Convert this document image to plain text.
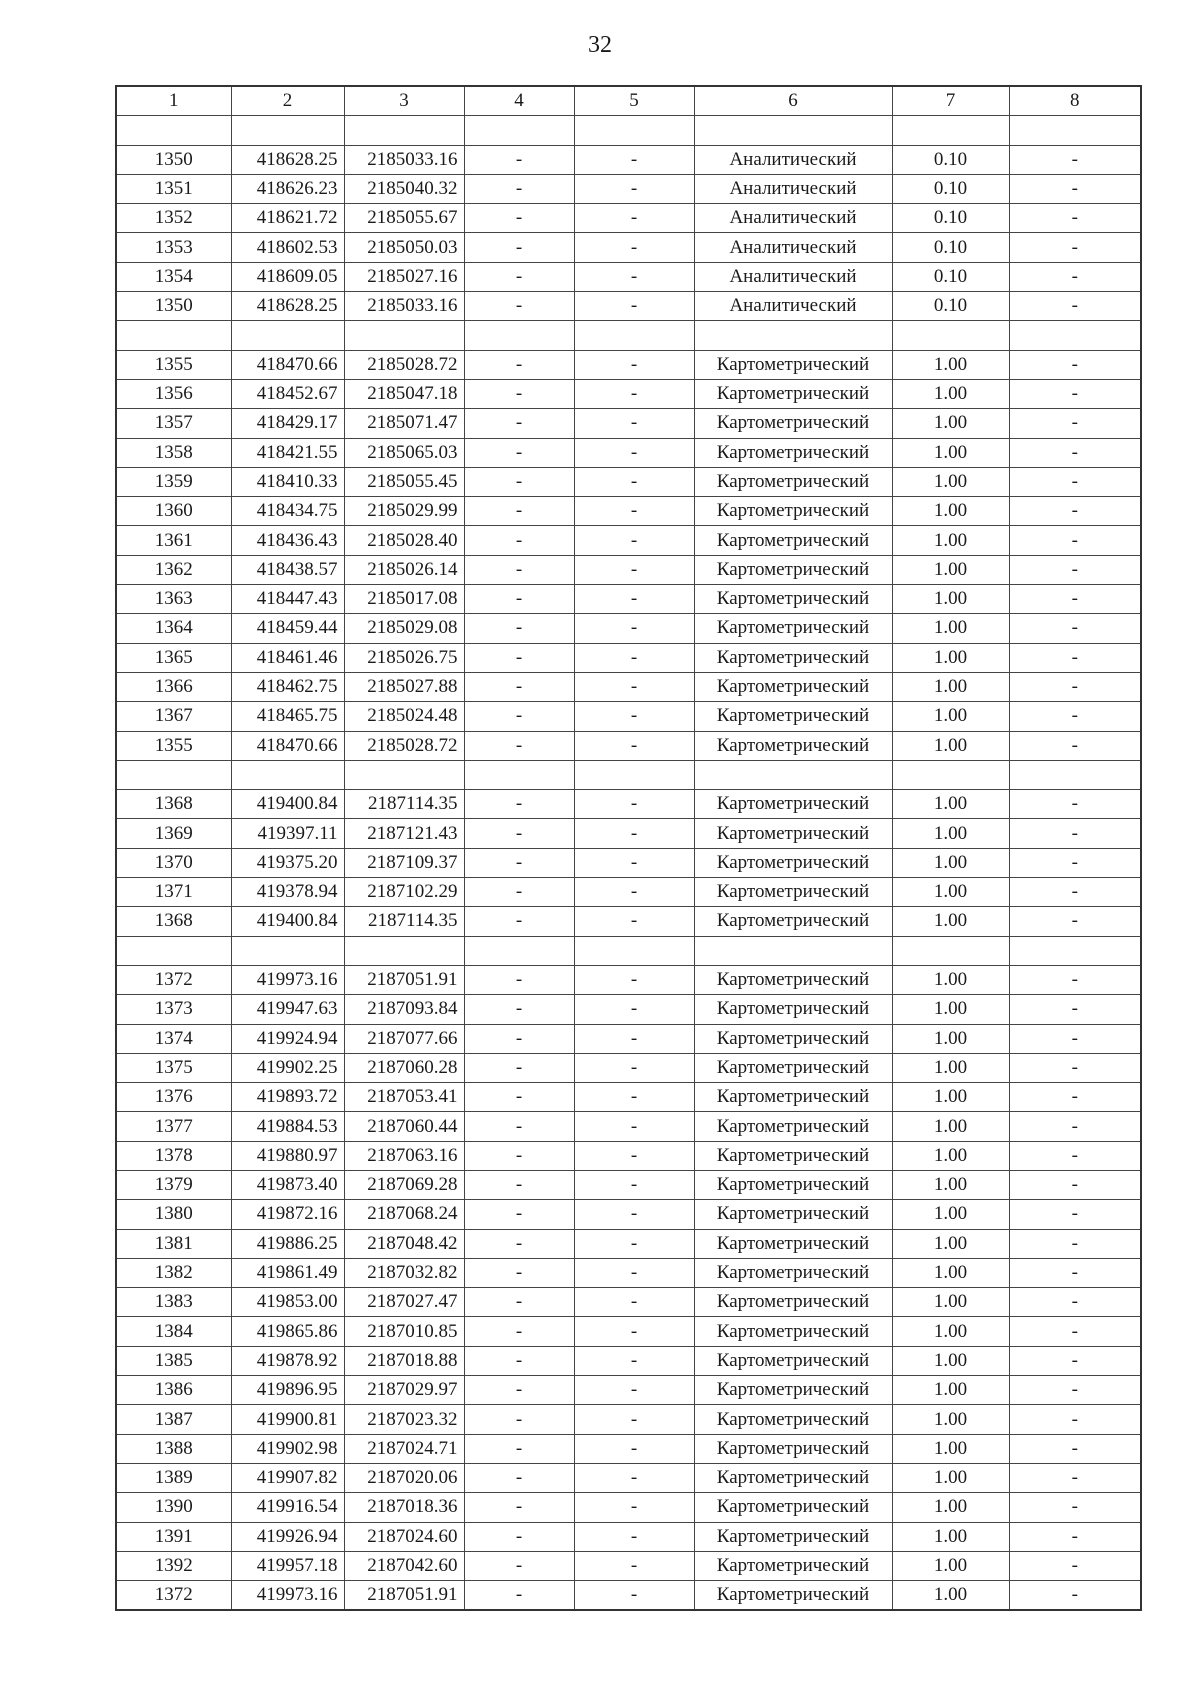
32
1	2	3	4	5	6	7	8

1350	418628.25	2185033.16	-	-	Аналитический	0.10	-
1351	418626.23	2185040.32	-	-	Аналитический	0.10	-
1352	418621.72	2185055.67	-	-	Аналитический	0.10	-
1353	418602.53	2185050.03	-	-	Аналитический	0.10	-
1354	418609.05	2185027.16	-	-	Аналитический	0.10	-
1350	418628.25	2185033.16	-	-	Аналитический	0.10	-

1355	418470.66	2185028.72	-	-	Картометрический	1.00	-
1356	418452.67	2185047.18	-	-	Картометрический	1.00	-
1357	418429.17	2185071.47	-	-	Картометрический	1.00	-
1358	418421.55	2185065.03	-	-	Картометрический	1.00	-
1359	418410.33	2185055.45	-	-	Картометрический	1.00	-
1360	418434.75	2185029.99	-	-	Картометрический	1.00	-
1361	418436.43	2185028.40	-	-	Картометрический	1.00	-
1362	418438.57	2185026.14	-	-	Картометрический	1.00	-
1363	418447.43	2185017.08	-	-	Картометрический	1.00	-
1364	418459.44	2185029.08	-	-	Картометрический	1.00	-
1365	418461.46	2185026.75	-	-	Картометрический	1.00	-
1366	418462.75	2185027.88	-	-	Картометрический	1.00	-
1367	418465.75	2185024.48	-	-	Картометрический	1.00	-
1355	418470.66	2185028.72	-	-	Картометрический	1.00	-

1368	419400.84	2187114.35	-	-	Картометрический	1.00	-
1369	419397.11	2187121.43	-	-	Картометрический	1.00	-
1370	419375.20	2187109.37	-	-	Картометрический	1.00	-
1371	419378.94	2187102.29	-	-	Картометрический	1.00	-
1368	419400.84	2187114.35	-	-	Картометрический	1.00	-

1372	419973.16	2187051.91	-	-	Картометрический	1.00	-
1373	419947.63	2187093.84	-	-	Картометрический	1.00	-
1374	419924.94	2187077.66	-	-	Картометрический	1.00	-
1375	419902.25	2187060.28	-	-	Картометрический	1.00	-
1376	419893.72	2187053.41	-	-	Картометрический	1.00	-
1377	419884.53	2187060.44	-	-	Картометрический	1.00	-
1378	419880.97	2187063.16	-	-	Картометрический	1.00	-
1379	419873.40	2187069.28	-	-	Картометрический	1.00	-
1380	419872.16	2187068.24	-	-	Картометрический	1.00	-
1381	419886.25	2187048.42	-	-	Картометрический	1.00	-
1382	419861.49	2187032.82	-	-	Картометрический	1.00	-
1383	419853.00	2187027.47	-	-	Картометрический	1.00	-
1384	419865.86	2187010.85	-	-	Картометрический	1.00	-
1385	419878.92	2187018.88	-	-	Картометрический	1.00	-
1386	419896.95	2187029.97	-	-	Картометрический	1.00	-
1387	419900.81	2187023.32	-	-	Картометрический	1.00	-
1388	419902.98	2187024.71	-	-	Картометрический	1.00	-
1389	419907.82	2187020.06	-	-	Картометрический	1.00	-
1390	419916.54	2187018.36	-	-	Картометрический	1.00	-
1391	419926.94	2187024.60	-	-	Картометрический	1.00	-
1392	419957.18	2187042.60	-	-	Картометрический	1.00	-
1372	419973.16	2187051.91	-	-	Картометрический	1.00	-
